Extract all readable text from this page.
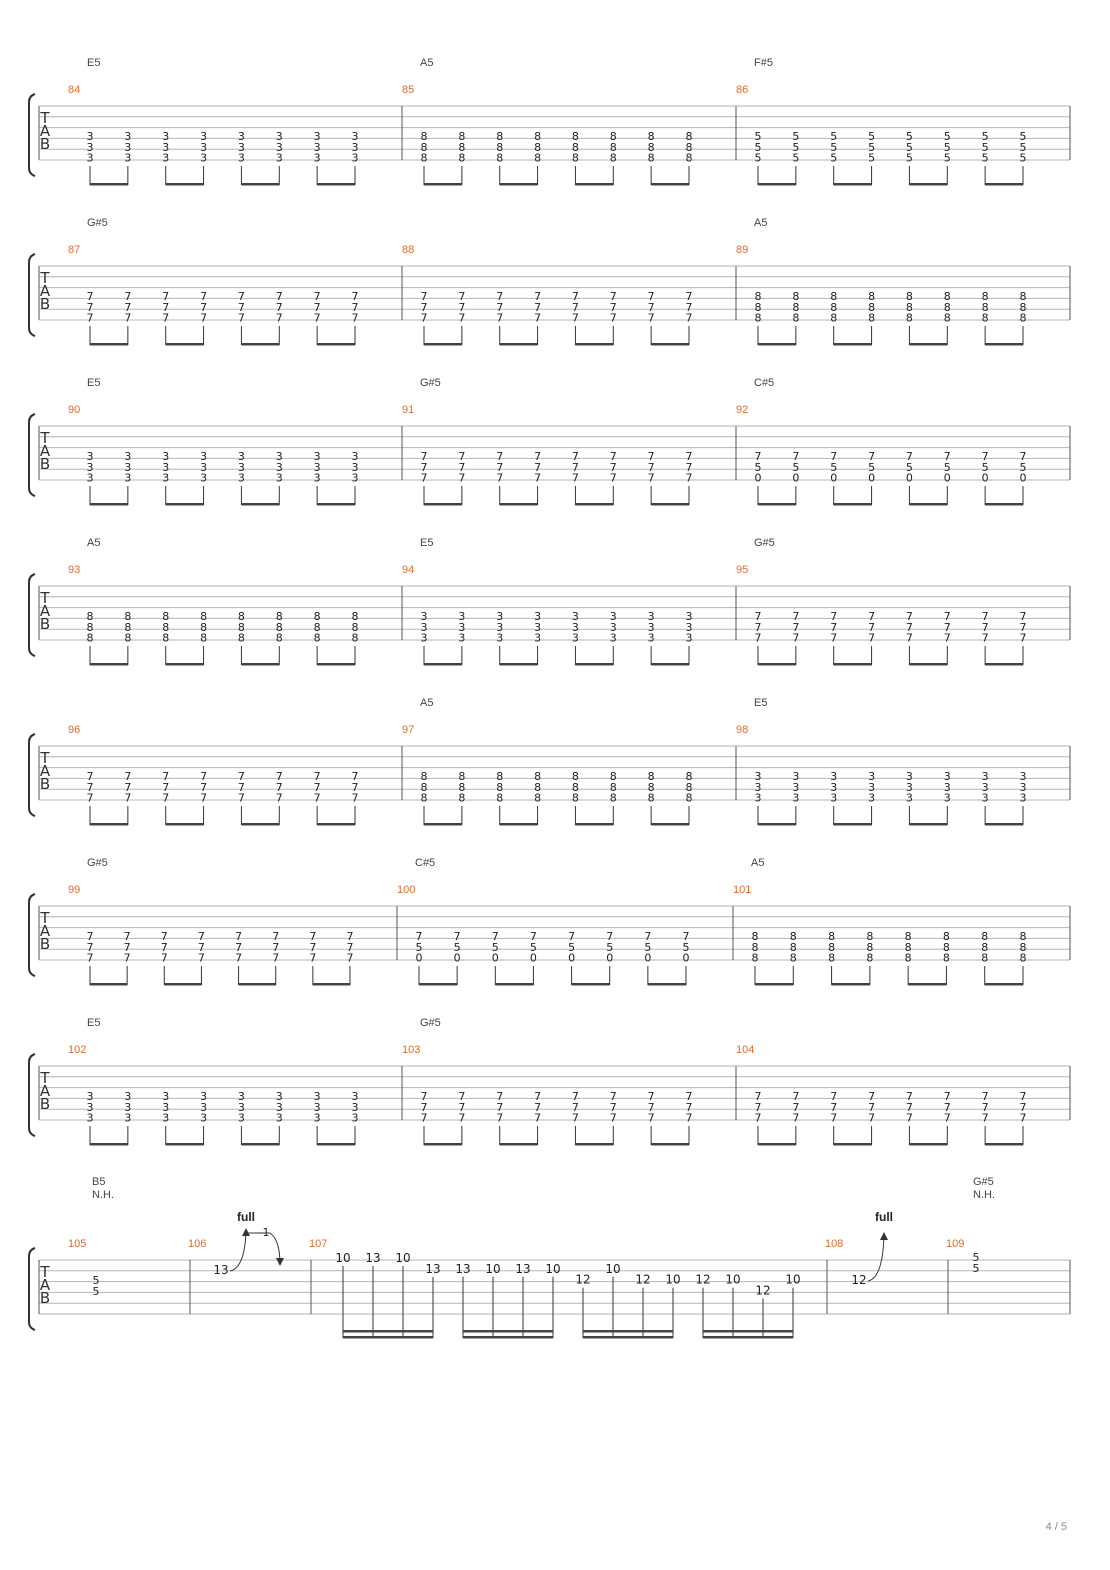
T
A
B
84
E5
3
3
3
3
3
3
3
3
3
3
3
3
3
3
3
3
3
3
3
3
3
3
3
3
85
A5
8
8
8
8
8
8
8
8
8
8
8
8
8
8
8
8
8
8
8
8
8
8
8
8
86
F#5
5
5
5
5
5
5
5
5
5
5
5
5
5
5
5
5
5
5
5
5
5
5
5
5
T
A
B
87
G#5
7
7
7
7
7
7
7
7
7
7
7
7
7
7
7
7
7
7
7
7
7
7
7
7
88
7
7
7
7
7
7
7
7
7
7
7
7
7
7
7
7
7
7
7
7
7
7
7
7
89
A5
8
8
8
8
8
8
8
8
8
8
8
8
8
8
8
8
8
8
8
8
8
8
8
8
T
A
B
90
E5
3
3
3
3
3
3
3
3
3
3
3
3
3
3
3
3
3
3
3
3
3
3
3
3
91
G#5
7
7
7
7
7
7
7
7
7
7
7
7
7
7
7
7
7
7
7
7
7
7
7
7
92
C#5
7
5
0
7
5
0
7
5
0
7
5
0
7
5
0
7
5
0
7
5
0
7
5
0
T
A
B
93
A5
8
8
8
8
8
8
8
8
8
8
8
8
8
8
8
8
8
8
8
8
8
8
8
8
94
E5
3
3
3
3
3
3
3
3
3
3
3
3
3
3
3
3
3
3
3
3
3
3
3
3
95
G#5
7
7
7
7
7
7
7
7
7
7
7
7
7
7
7
7
7
7
7
7
7
7
7
7
T
A
B
96
7
7
7
7
7
7
7
7
7
7
7
7
7
7
7
7
7
7
7
7
7
7
7
7
97
A5
8
8
8
8
8
8
8
8
8
8
8
8
8
8
8
8
8
8
8
8
8
8
8
8
98
E5
3
3
3
3
3
3
3
3
3
3
3
3
3
3
3
3
3
3
3
3
3
3
3
3
T
A
B
99
G#5
7
7
7
7
7
7
7
7
7
7
7
7
7
7
7
7
7
7
7
7
7
7
7
7
100
C#5
7
5
0
7
5
0
7
5
0
7
5
0
7
5
0
7
5
0
7
5
0
7
5
0
101
A5
8
8
8
8
8
8
8
8
8
8
8
8
8
8
8
8
8
8
8
8
8
8
8
8
T
A
B
102
E5
3
3
3
3
3
3
3
3
3
3
3
3
3
3
3
3
3
3
3
3
3
3
3
3
103
G#5
7
7
7
7
7
7
7
7
7
7
7
7
7
7
7
7
7
7
7
7
7
7
7
7
104
7
7
7
7
7
7
7
7
7
7
7
7
7
7
7
7
7
7
7
7
7
7
7
7
T
A
B
105	106	107	108	109
B5
N.H.
G#5
N.H.
5
5
5
5
13
full
-1
10 13 10
13 13 10 13 10
12
10
12 10 12 10
12
10	12
full
4 / 5
